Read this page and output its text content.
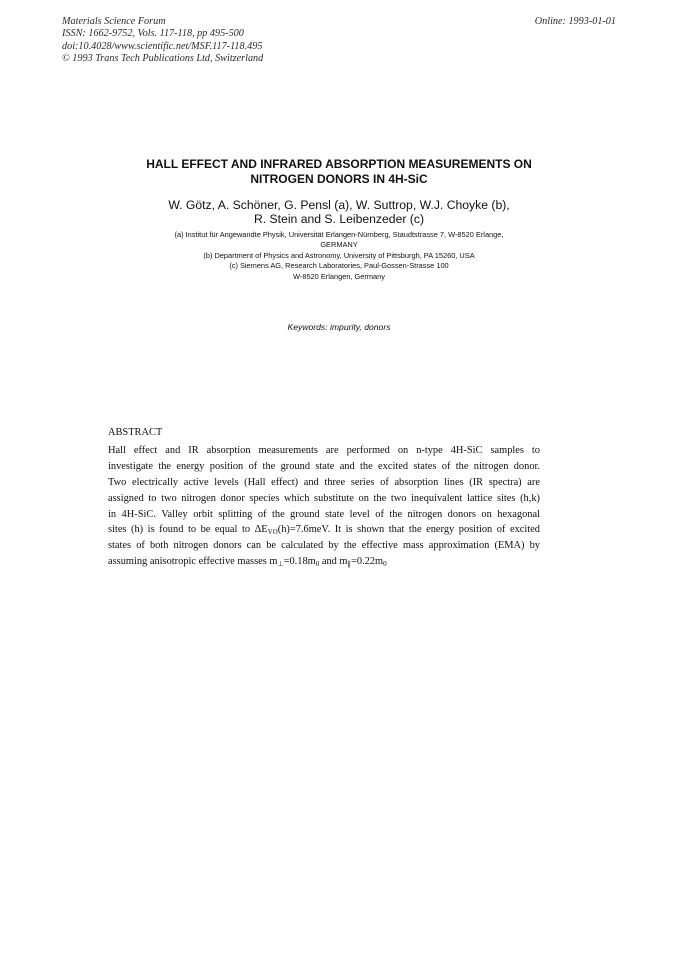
Materials Science Forum
ISSN: 1662-9752, Vols. 117-118, pp 495-500
doi:10.4028/www.scientific.net/MSF.117-118.495
© 1993 Trans Tech Publications Ltd, Switzerland
Online: 1993-01-01
HALL EFFECT AND INFRARED ABSORPTION MEASUREMENTS ON
NITROGEN DONORS IN 4H-SiC
W. Götz, A. Schöner, G. Pensl (a), W. Suttrop, W.J. Choyke (b),
R. Stein and S. Leibenzeder (c)
(a) Institut für Angewandte Physik, Universität Erlangen-Nürnberg, Staudtstrasse 7, W-8520 Erlange,
GERMANY
(b) Department of Physics and Astronomy, University of Pittsburgh, PA 15260, USA
(c) Siemens AG, Research Laboratories, Paul-Gossen-Strasse 100
W-8520 Erlangen, Germany
Keywords: impurity, donors
ABSTRACT
Hall effect and IR absorption measurements are performed on n-type 4H-SiC samples to
investigate the energy position of the ground state and the excited states of the nitrogen donor.
Two electrically active levels (Hall effect) and three series of absorption lines (IR spectra) are
assigned to two nitrogen donor species which substitute on the two inequivalent lattice sites (h,k)
in 4H-SiC. Valley orbit splitting of the ground state level of the nitrogen donors on hexagonal
sites (h) is found to be equal to $\Delta E_{VO}(h)=7.6meV$. It is shown that the energy position of excited
states of both nitrogen donors can be calculated by the effective mass approximation (EMA) by
assuming anisotropic effective masses $m_\perp=0.18m_0$ and $m_\parallel=0.22m_0$
